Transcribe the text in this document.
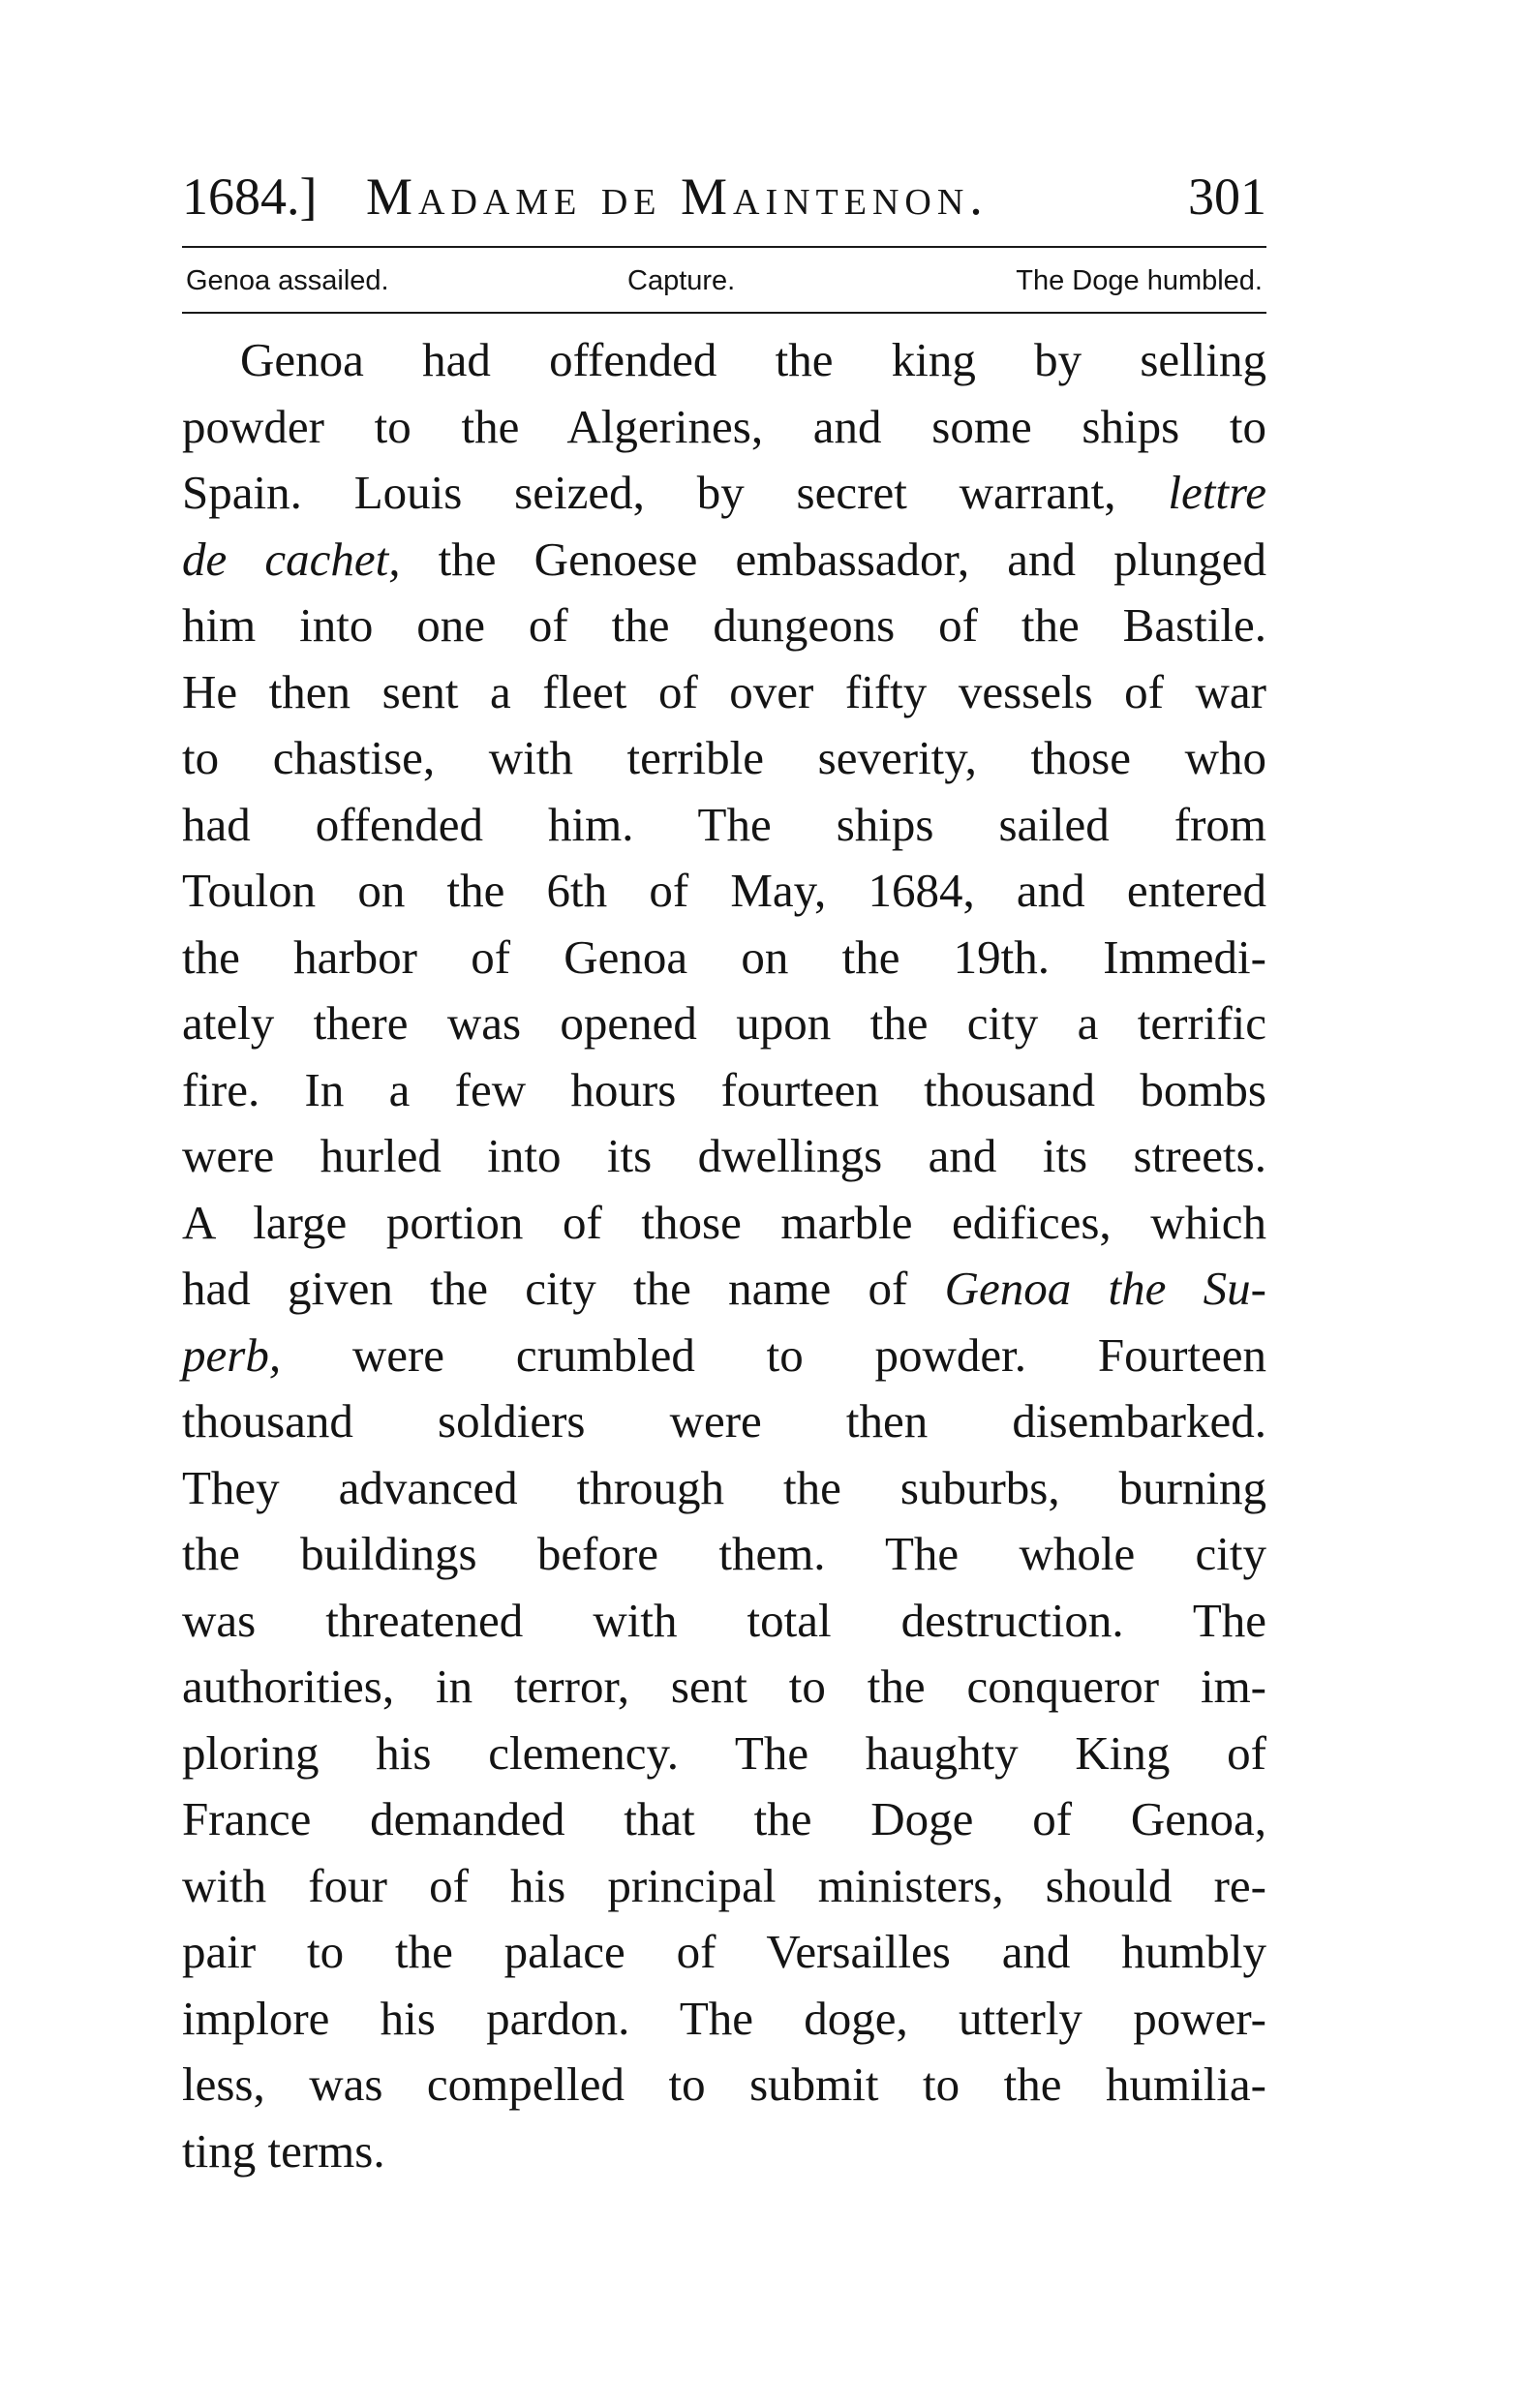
1684.] Madame de Maintenon.	301
Genoa assailed.	Capture.	The Doge humbled.
Genoa had offended the king by selling
powder to the Algerines, and some ships to
Spain. Louis seized, by secret warrant, lettre
de cachet, the Genoese embassador, and plunged
him into one of the dungeons of the Bastile.
He then sent a fleet of over fifty vessels of war
to chastise, with terrible severity, those who
had offended him. The ships sailed from
Toulon on the 6th of May, 1684, and entered
the harbor of Genoa on the 19th. Immedi-
ately there was opened upon the city a terrific
fire. In a few hours fourteen thousand bombs
were hurled into its dwellings and its streets.
A large portion of those marble edifices, which
had given the city the name of Genoa the Su-
perb, were crumbled to powder. Fourteen
thousand soldiers were then disembarked.
They advanced through the suburbs, burning
the buildings before them. The whole city
was threatened with total destruction. The
authorities, in terror, sent to the conqueror im-
ploring his clemency. The haughty King of
France demanded that the Doge of Genoa,
with four of his principal ministers, should re-
pair to the palace of Versailles and humbly
implore his pardon. The doge, utterly power-
less, was compelled to submit to the humilia-
ting terms.
